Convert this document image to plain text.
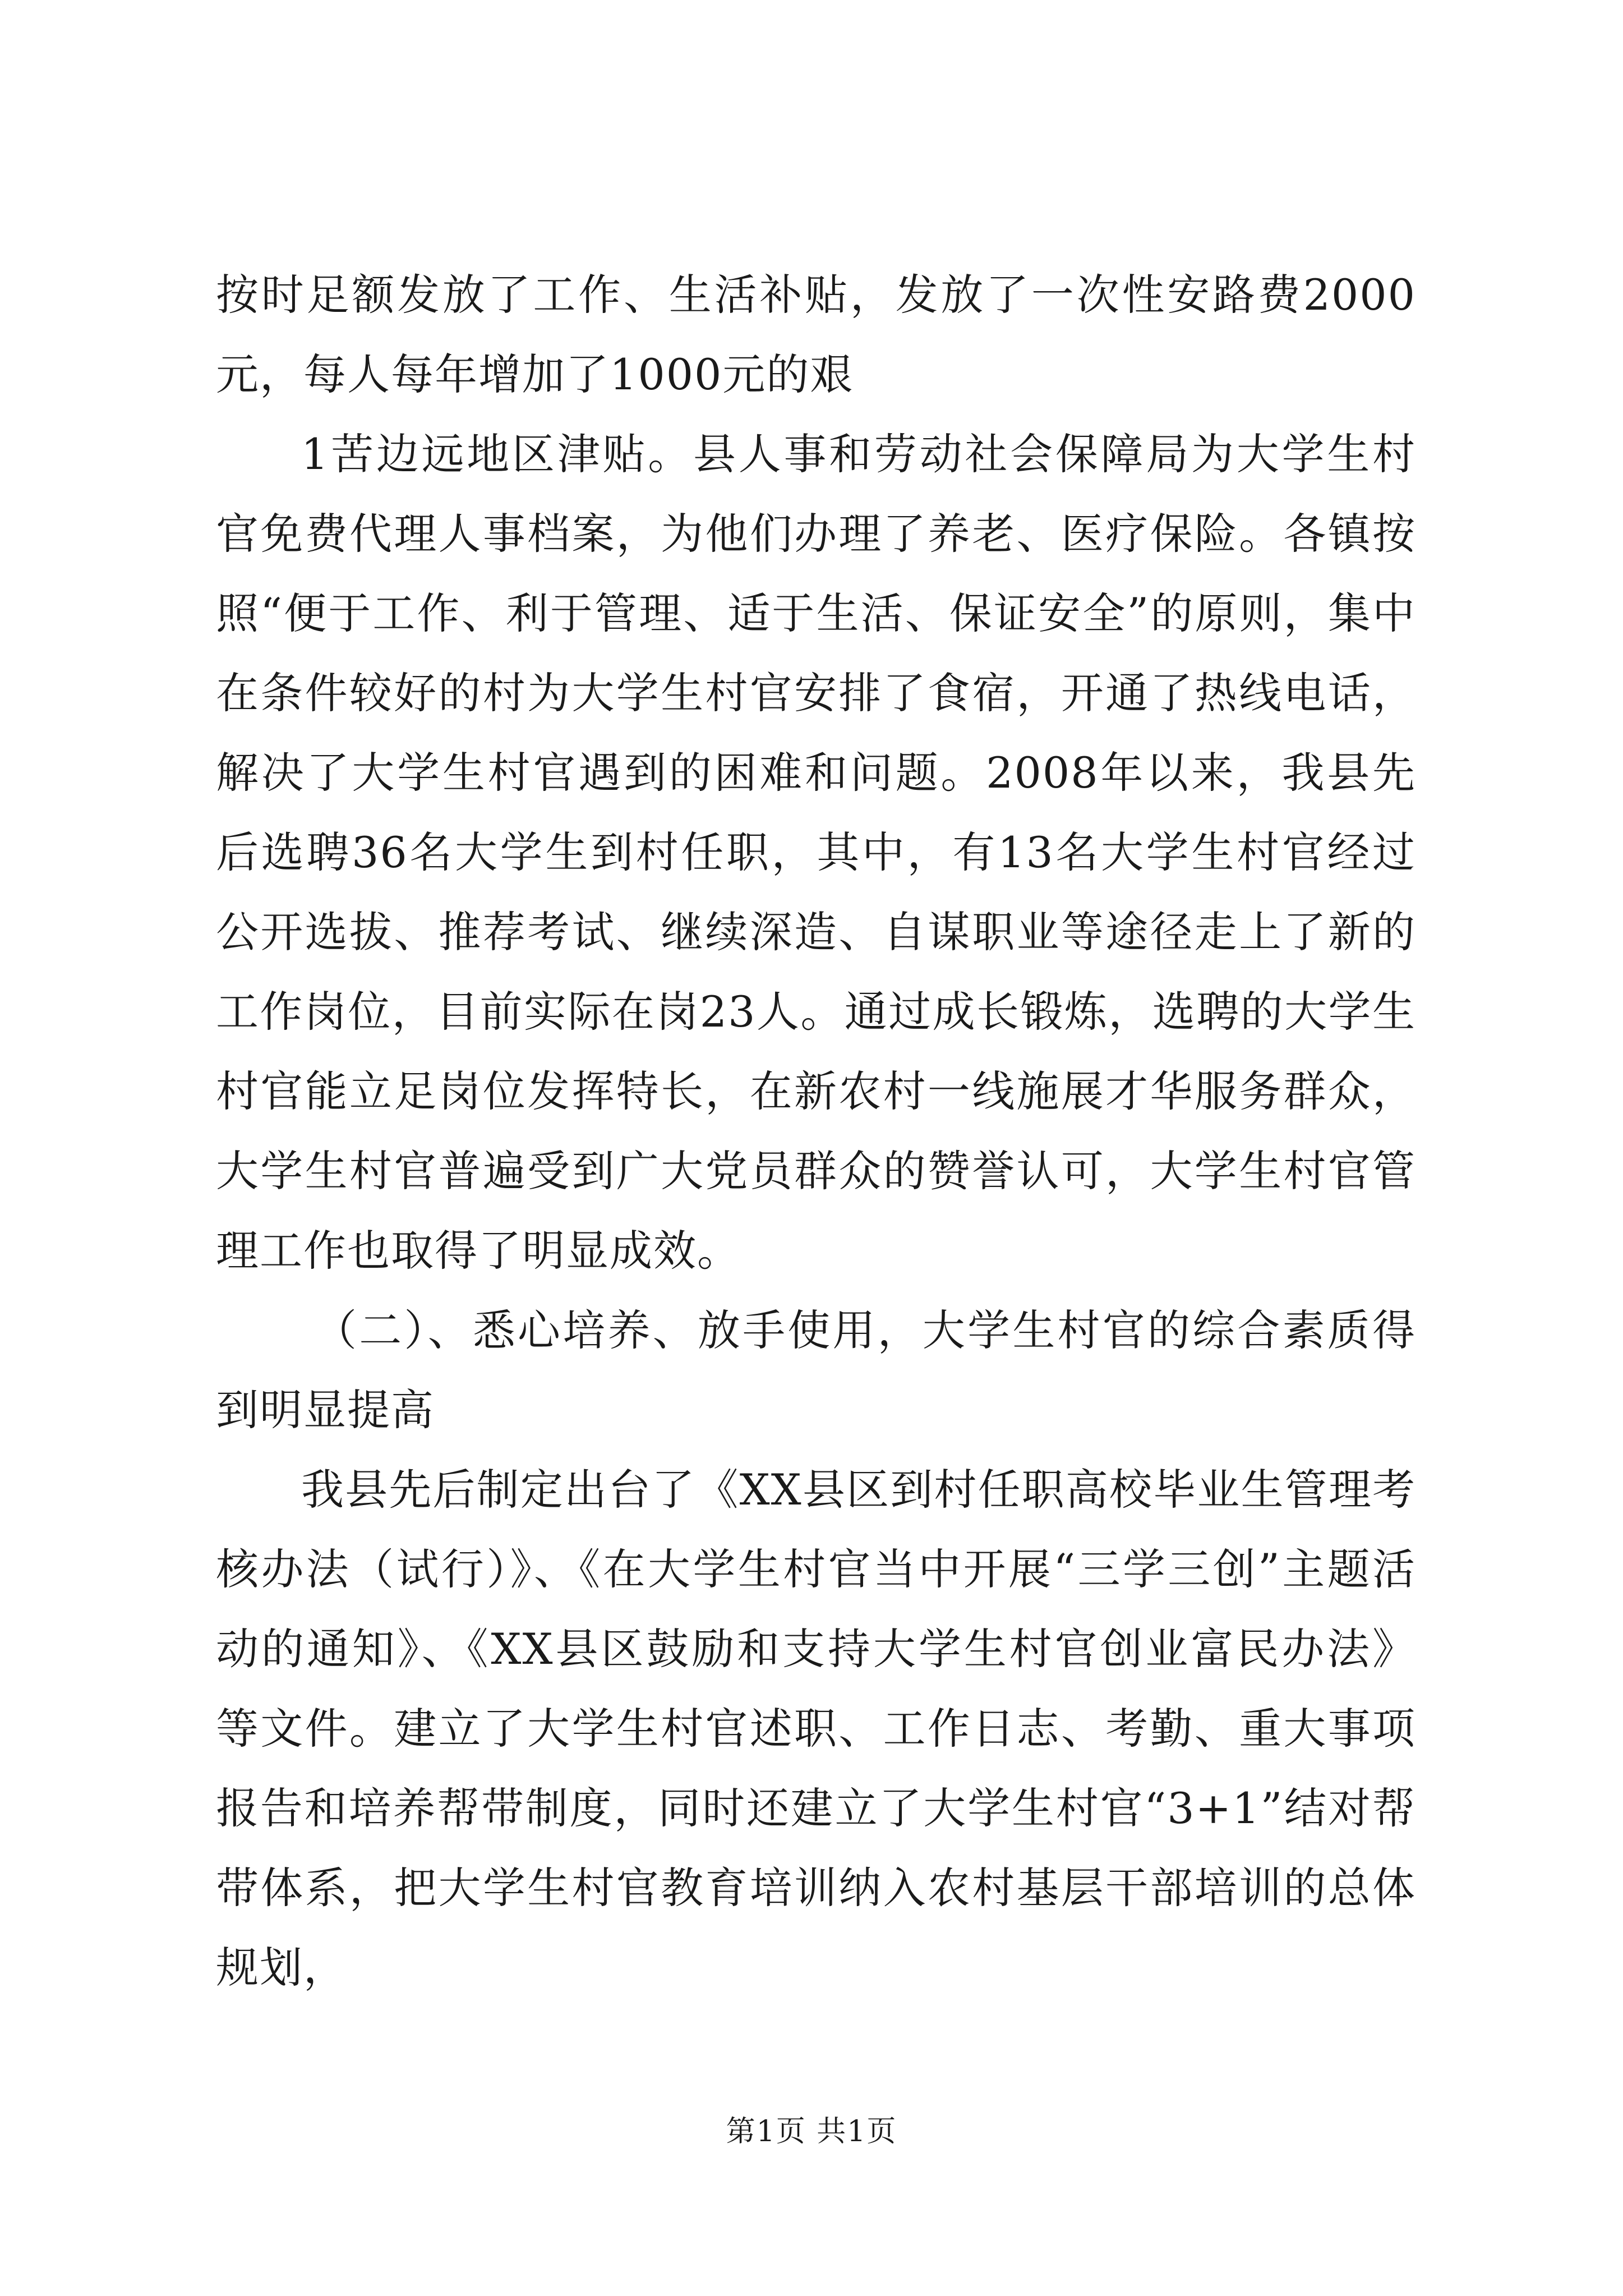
按时足额发放了工作、生活补贴，发放了一次性安路费2000元，每人每年增加了1000元的艰

1苦边远地区津贴。县人事和劳动社会保障局为大学生村官免费代理人事档案，为他们办理了养老、医疗保险。各镇按照“便于工作、利于管理、适于生活、保证安全”的原则，集中在条件较好的村为大学生村官安排了食宿，开通了热线电话，解决了大学生村官遇到的困难和问题。2008年以来，我县先后选聘36名大学生到村任职，其中，有13名大学生村官经过公开选拔、推荐考试、继续深造、自谋职业等途径走上了新的工作岗位，目前实际在岗23人。通过成长锻炼，选聘的大学生村官能立足岗位发挥特长，在新农村一线施展才华服务群众，大学生村官普遍受到广大党员群众的赞誉认可，大学生村官管理工作也取得了明显成效。

（二）、悉心培养、放手使用，大学生村官的综合素质得到明显提高

我县先后制定出台了《XX县区到村任职高校毕业生管理考核办法（试行）》、《在大学生村官当中开展“三学三创”主题活动的通知》、《XX县区鼓励和支持大学生村官创业富民办法》等文件。建立了大学生村官述职、工作日志、考勤、重大事项报告和培养帮带制度，同时还建立了大学生村官“3+1”结对帮带体系，把大学生村官教育培训纳入农村基层干部培训的总体规划，

第1页 共1页
